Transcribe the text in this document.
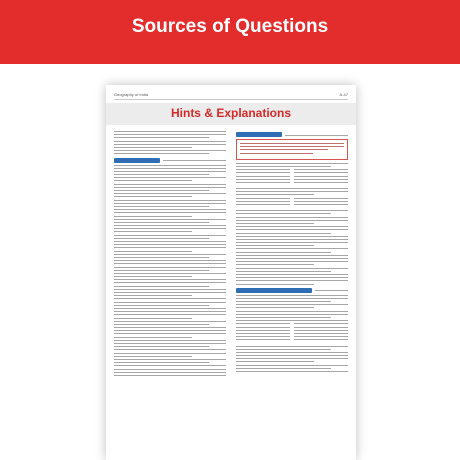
Sources of Questions
Geography of India	A-47
Hints & Explanations
